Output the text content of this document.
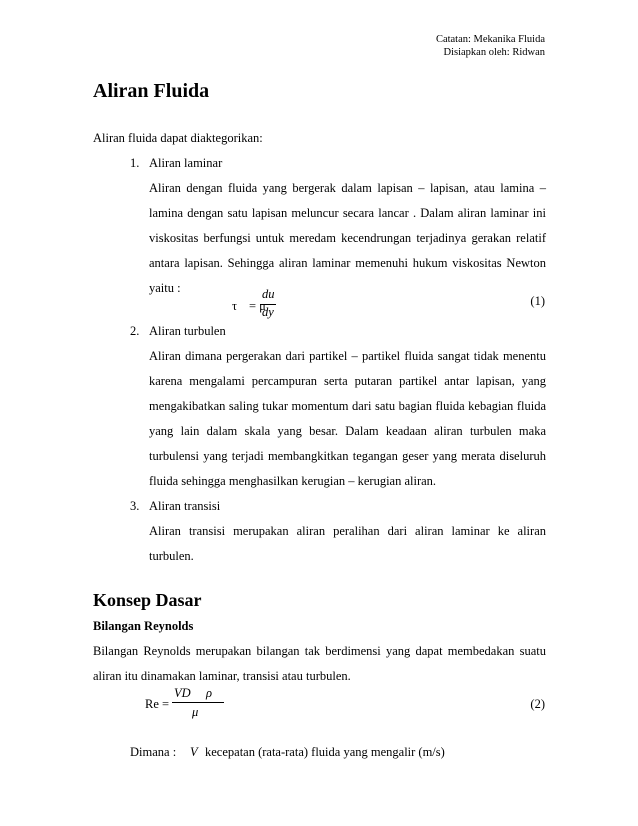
Catatan: Mekanika Fluida
Disiapkan oleh: Ridwan
Aliran Fluida
Aliran fluida dapat diaktegorikan:
1. Aliran laminar
Aliran dengan fluida yang bergerak dalam lapisan – lapisan, atau lamina –
lamina dengan satu lapisan meluncur secara lancar . Dalam aliran laminar ini
viskositas berfungsi untuk meredam kecendrungan terjadinya gerakan relatif
antara lapisan. Sehingga aliran laminar memenuhi hukum viskositas Newton
yaitu :
τ = μ
du
dy
(1)
2. Aliran turbulen
Aliran dimana pergerakan dari partikel – partikel fluida sangat tidak menentu
karena mengalami percampuran serta putaran partikel antar lapisan, yang
mengakibatkan saling tukar momentum dari satu bagian fluida kebagian fluida
yang lain dalam skala yang besar. Dalam keadaan aliran turbulen maka
turbulensi yang terjadi membangkitkan tegangan geser yang merata diseluruh
fluida sehingga menghasilkan kerugian – kerugian aliran.
3. Aliran transisi
Aliran transisi merupakan aliran peralihan dari aliran laminar ke aliran
turbulen.
Konsep Dasar
Bilangan Reynolds
Bilangan Reynolds merupakan bilangan tak berdimensi yang dapat membedakan suatu
aliran itu dinamakan laminar, transisi atau turbulen.
Re =
VD ρ
μ
(2)
Dimana : V kecepatan (rata-rata) fluida yang mengalir (m/s)
